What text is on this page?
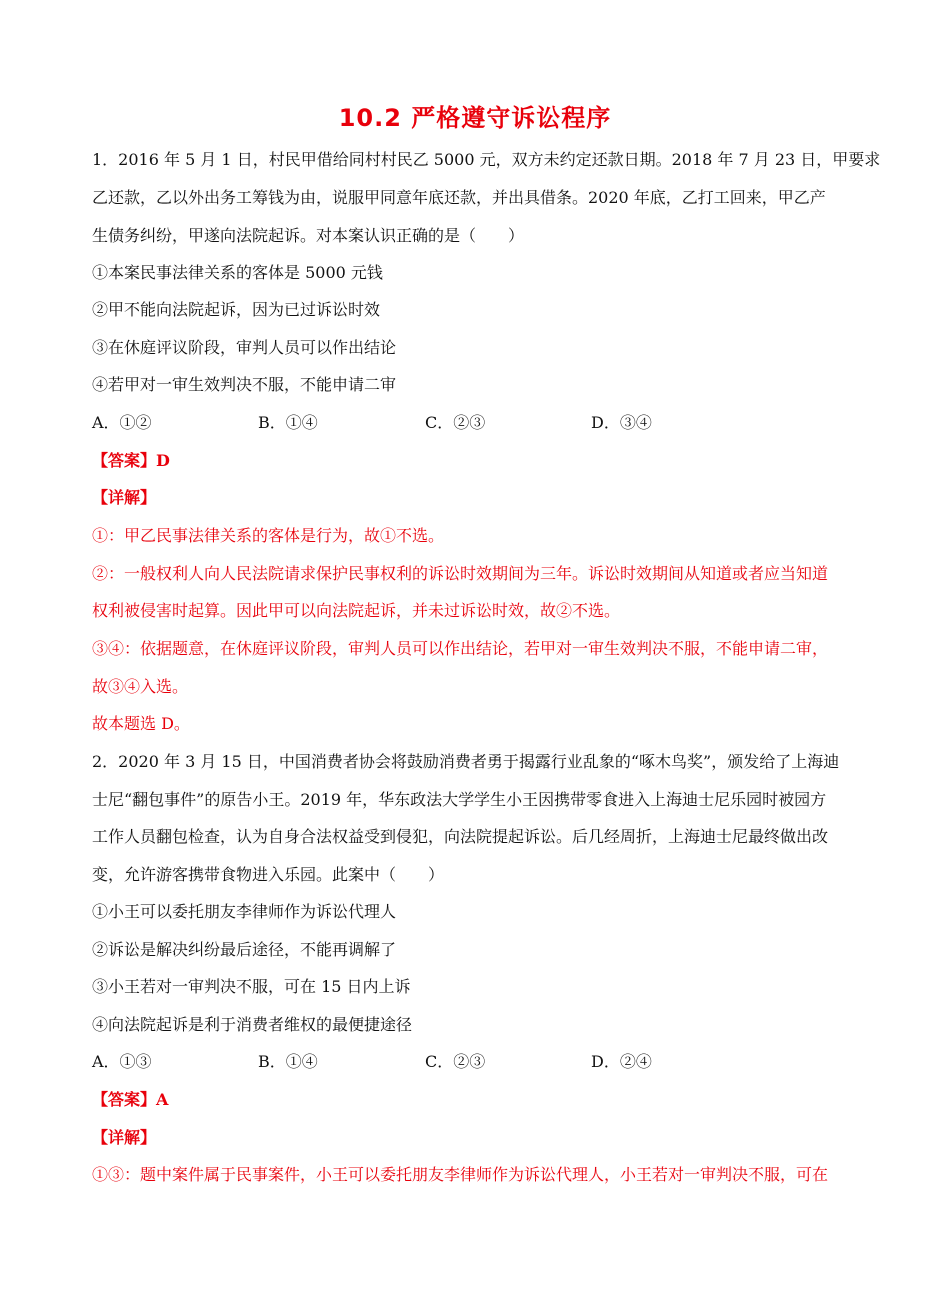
10.2 严格遵守诉讼程序
1．2016 年 5 月 1 日，村民甲借给同村村民乙 5000 元，双方未约定还款日期。2018 年 7 月 23 日，甲要求
乙还款，乙以外出务工筹钱为由，说服甲同意年底还款，并出具借条。2020 年底，乙打工回来，甲乙产
生债务纠纷，甲遂向法院起诉。对本案认识正确的是（　　）
①本案民事法律关系的客体是 5000 元钱
②甲不能向法院起诉，因为已过诉讼时效
③在休庭评议阶段，审判人员可以作出结论
④若甲对一审生效判决不服，不能申请二审
A．①②	B．①④	C．②③	D．③④
【答案】D
【详解】
①：甲乙民事法律关系的客体是行为，故①不选。
②：一般权利人向人民法院请求保护民事权利的诉讼时效期间为三年。诉讼时效期间从知道或者应当知道
权利被侵害时起算。因此甲可以向法院起诉，并未过诉讼时效，故②不选。
③④：依据题意，在休庭评议阶段，审判人员可以作出结论，若甲对一审生效判决不服，不能申请二审，
故③④入选。
故本题选 D。
2．2020 年 3 月 15 日，中国消费者协会将鼓励消费者勇于揭露行业乱象的“啄木鸟奖”，颁发给了上海迪
士尼“翻包事件”的原告小王。2019 年，华东政法大学学生小王因携带零食进入上海迪士尼乐园时被园方
工作人员翻包检查，认为自身合法权益受到侵犯，向法院提起诉讼。后几经周折，上海迪士尼最终做出改
变，允许游客携带食物进入乐园。此案中（　　）
①小王可以委托朋友李律师作为诉讼代理人
②诉讼是解决纠纷最后途径，不能再调解了
③小王若对一审判决不服，可在 15 日内上诉
④向法院起诉是利于消费者维权的最便捷途径
A．①③	B．①④	C．②③	D．②④
【答案】A
【详解】
①③：题中案件属于民事案件，小王可以委托朋友李律师作为诉讼代理人，小王若对一审判决不服，可在
